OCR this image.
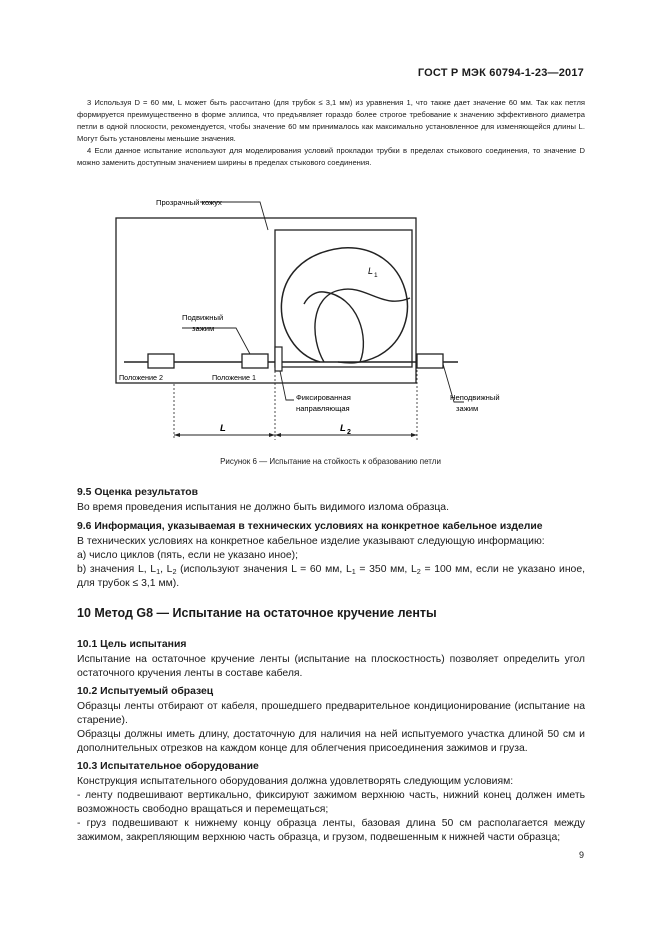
ГОСТ Р МЭК 60794-1-23—2017

3 Используя D = 60 мм, L может быть рассчитано (для трубок ≤ 3,1 мм) из уравнения 1, что также дает значение 60 мм. Так как петля формируется преимущественно в форме эллипса, что предъявляет гораздо более строгое требование к значению эффективного диаметра петли в одной плоскости, рекомендуется, чтобы значение 60 мм принималось как максимально установленное для изменяющейся длины L. Могут быть установлены меньшие значения.

4 Если данное испытание используют для моделирования условий прокладки трубки в пределах стыкового соединения, то значение D можно заменить доступным значением ширины в пределах стыкового соединения.

Прозрачный кожух
Подвижный
зажим
Положение 2	Положение 1
Фиксированная
направляющая
Неподвижный
зажим
L 1
L	L 2
Рисунок 6 — Испытание на стойкость к образованию петли

9.5 Оценка результатов

Во время проведения испытания не должно быть видимого излома образца.

9.6 Информация, указываемая в технических условиях на конкретное кабельное изделие

В технических условиях на конкретное кабельное изделие указывают следующую информацию:

а) число циклов (пять, если не указано иное);

b) значения L, $L_1$, $L_2$ (используют значения L = 60 мм, $L_1 = 350$ мм, $L_2 = 100$ мм, если не указано иное, для трубок ≤ 3,1 мм).

10 Метод G8 — Испытание на остаточное кручение ленты

10.1 Цель испытания

Испытание на остаточное кручение ленты (испытание на плоскостность) позволяет определить угол остаточного кручения ленты в составе кабеля.

10.2 Испытуемый образец

Образцы ленты отбирают от кабеля, прошедшего предварительное кондиционирование (испытание на старение).

Образцы должны иметь длину, достаточную для наличия на ней испытуемого участка длиной 50 см и дополнительных отрезков на каждом конце для облегчения присоединения зажимов и груза.

10.3 Испытательное оборудование

Конструкция испытательного оборудования должна удовлетворять следующим условиям:

- ленту подвешивают вертикально, фиксируют зажимом верхнюю часть, нижний конец должен иметь возможность свободно вращаться и перемещаться;

- груз подвешивают к нижнему концу образца ленты, базовая длина 50 см располагается между зажимом, закрепляющим верхнюю часть образца, и грузом, подвешенным к нижней части образца;

9
